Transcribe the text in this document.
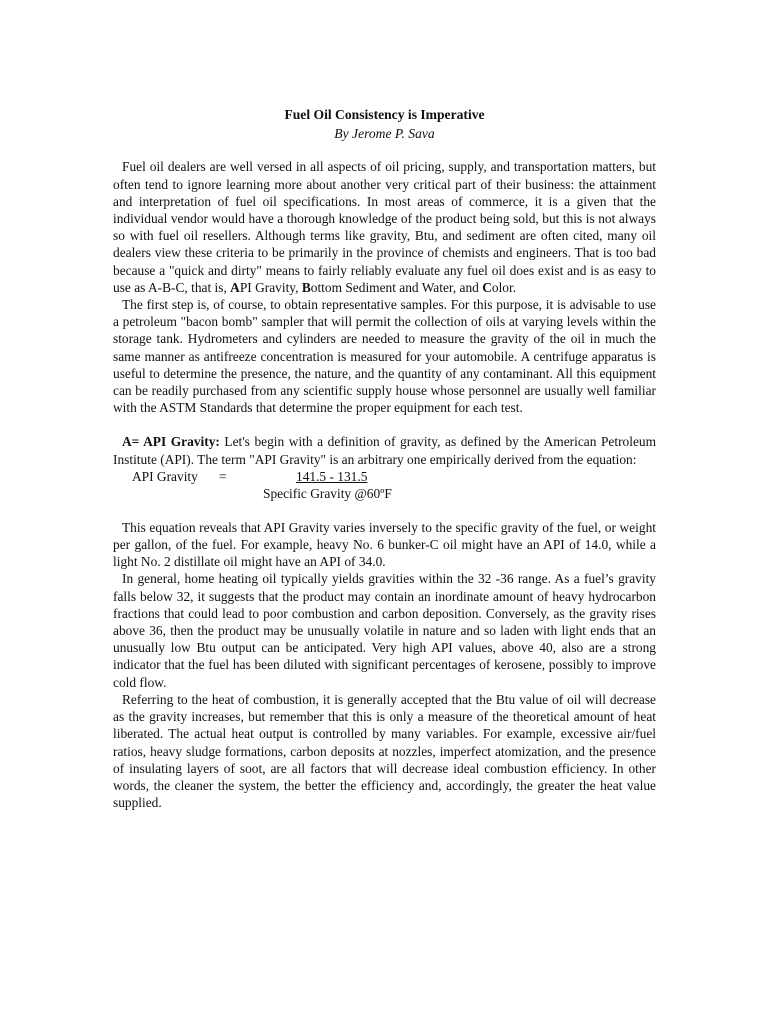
Fuel Oil Consistency is Imperative
By Jerome P. Sava

Fuel oil dealers are well versed in all aspects of oil pricing, supply, and transportation matters, but often tend to ignore learning more about another very critical part of their business: the attainment and interpretation of fuel oil specifications. In most areas of commerce, it is a given that the individual vendor would have a thorough knowledge of the product being sold, but this is not always so with fuel oil resellers. Although terms like gravity, Btu, and sediment are often cited, many oil dealers view these criteria to be primarily in the province of chemists and engineers. That is too bad because a "quick and dirty" means to fairly reliably evaluate any fuel oil does exist and is as easy to use as A-B-C, that is, API Gravity, Bottom Sediment and Water, and Color.

The first step is, of course, to obtain representative samples. For this purpose, it is advisable to use a petroleum "bacon bomb" sampler that will permit the collection of oils at varying levels within the storage tank. Hydrometers and cylinders are needed to measure the gravity of the oil in much the same manner as antifreeze concentration is measured for your automobile. A centrifuge apparatus is useful to determine the presence, the nature, and the quantity of any contaminant. All this equipment can be readily purchased from any scientific supply house whose personnel are usually well familiar with the ASTM Standards that determine the proper equipment for each test.

A= API Gravity: Let's begin with a definition of gravity, as defined by the American Petroleum Institute (API). The term "API Gravity" is an arbitrary one empirically derived from the equation:

API Gravity =	141.5 - 131.5
Specific Gravity @60ºF

This equation reveals that API Gravity varies inversely to the specific gravity of the fuel, or weight per gallon, of the fuel. For example, heavy No. 6 bunker-C oil might have an API of 14.0, while a light No. 2 distillate oil might have an API of 34.0.

In general, home heating oil typically yields gravities within the 32 -36 range. As a fuel’s gravity falls below 32, it suggests that the product may contain an inordinate amount of heavy hydrocarbon fractions that could lead to poor combustion and carbon deposition. Conversely, as the gravity rises above 36, then the product may be unusually volatile in nature and so laden with light ends that an unusually low Btu output can be anticipated. Very high API values, above 40, also are a strong indicator that the fuel has been diluted with significant percentages of kerosene, possibly to improve cold flow.

Referring to the heat of combustion, it is generally accepted that the Btu value of oil will decrease as the gravity increases, but remember that this is only a measure of the theoretical amount of heat liberated. The actual heat output is controlled by many variables. For example, excessive air/fuel ratios, heavy sludge formations, carbon deposits at nozzles, imperfect atomization, and the presence of insulating layers of soot, are all factors that will decrease ideal combustion efficiency. In other words, the cleaner the system, the better the efficiency and, accordingly, the greater the heat value supplied.
